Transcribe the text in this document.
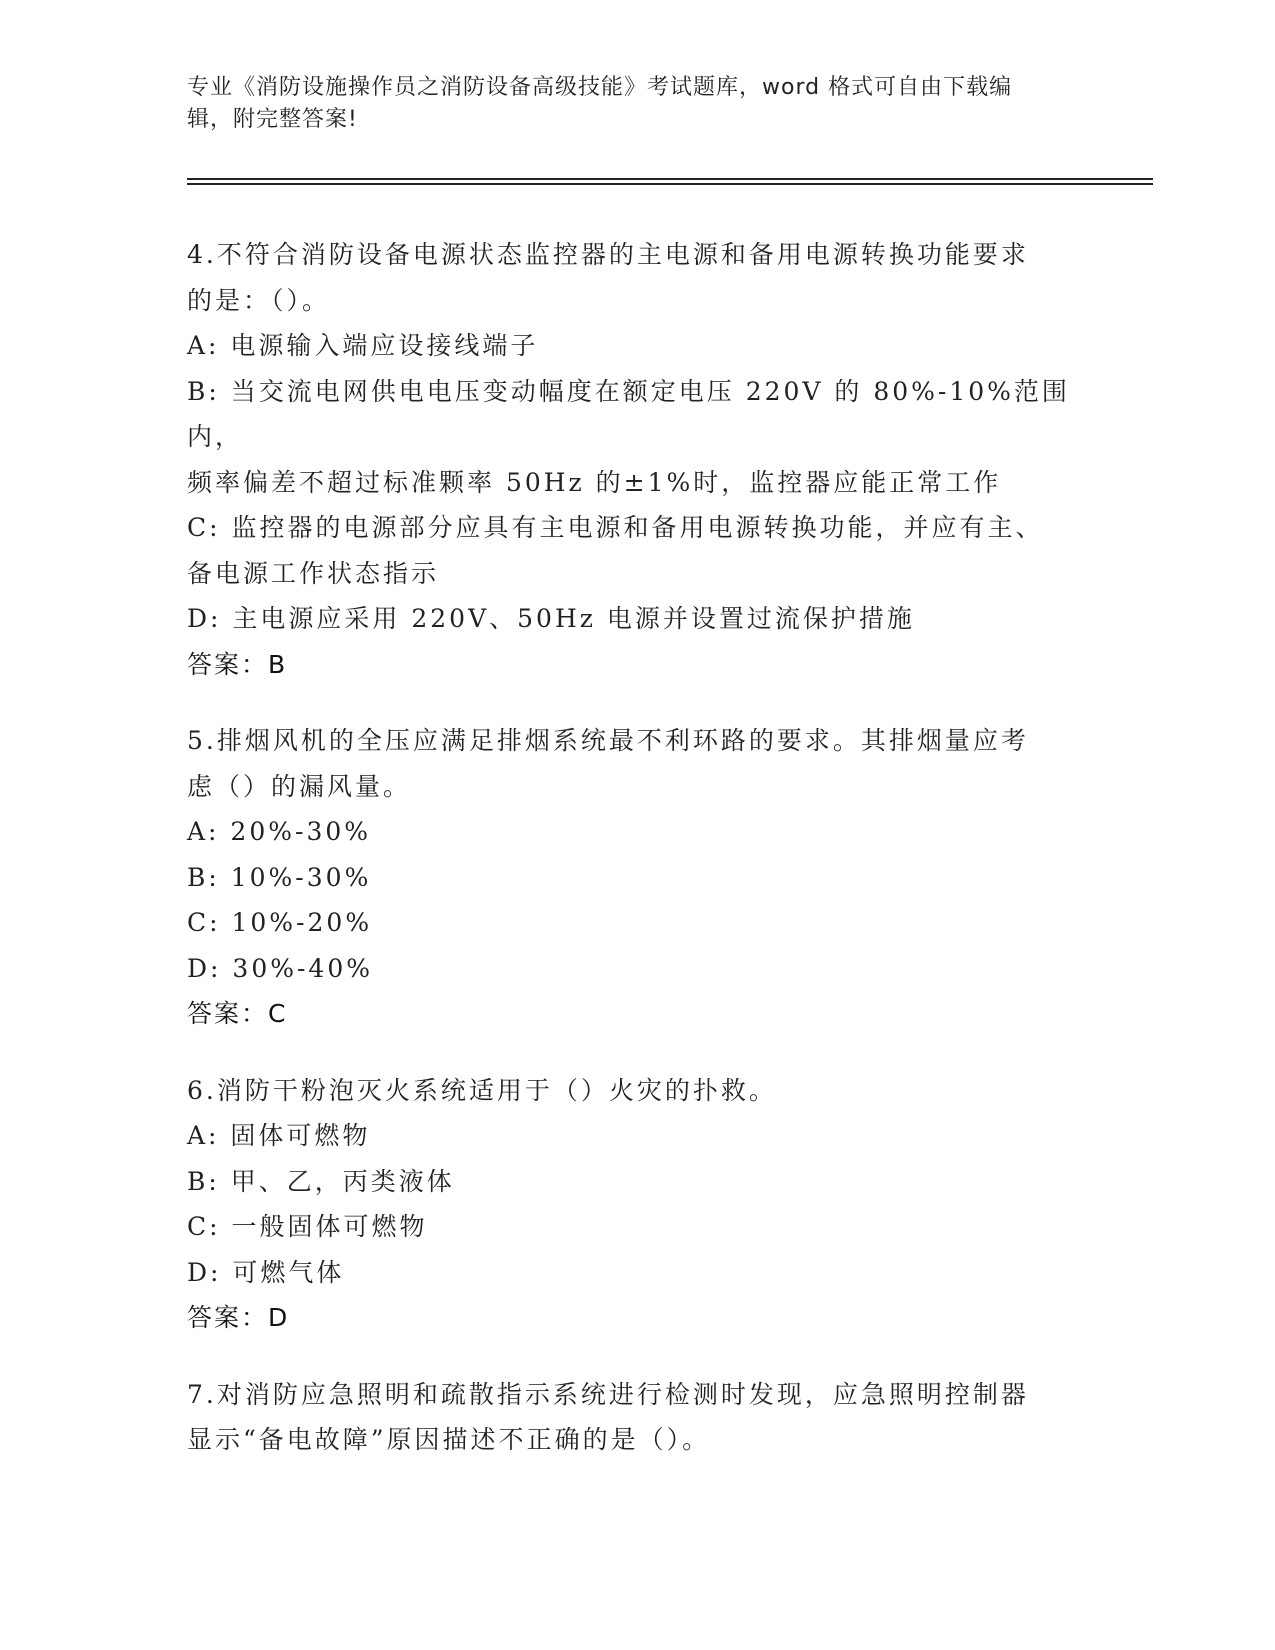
专业《消防设施操作员之消防设备高级技能》考试题库，word 格式可自由下载编
辑，附完整答案!
4.不符合消防设备电源状态监控器的主电源和备用电源转换功能要求
的是：（）。
A: 电源输入端应设接线端子
B: 当交流电网供电电压变动幅度在额定电压 220V 的 80%-10%范围内，
频率偏差不超过标准颗率 50Hz 的±1%时，监控器应能正常工作
C: 监控器的电源部分应具有主电源和备用电源转换功能，并应有主、
备电源工作状态指示
D: 主电源应采用 220V、50Hz 电源并设置过流保护措施
答案：B
5.排烟风机的全压应满足排烟系统最不利环路的要求。其排烟量应考
虑（）的漏风量。
A: 20%-30%
B: 10%-30%
C: 10%-20%
D: 30%-40%
答案：C
6.消防干粉泡灭火系统适用于（）火灾的扑救。
A: 固体可燃物
B: 甲、乙，丙类液体
C: 一般固体可燃物
D: 可燃气体
答案：D
7.对消防应急照明和疏散指示系统进行检测时发现，应急照明控制器
显示“备电故障”原因描述不正确的是（）。
